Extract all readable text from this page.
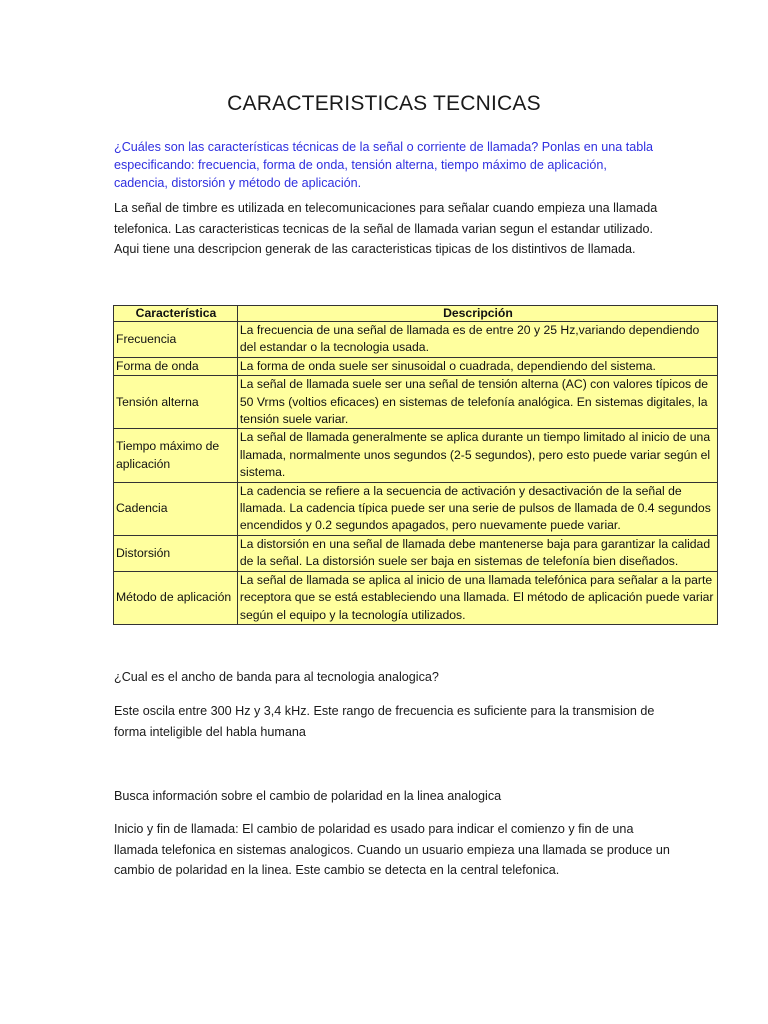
CARACTERISTICAS TECNICAS
¿Cuáles son las características técnicas de la señal o corriente de llamada? Ponlas en una tabla especificando: frecuencia, forma de onda, tensión alterna, tiempo máximo de aplicación, cadencia, distorsión y método de aplicación.
La señal de timbre es utilizada en telecomunicaciones para señalar cuando empieza una llamada telefonica. Las caracteristicas tecnicas de la señal de llamada varian segun el estandar utilizado. Aqui tiene una descripcion generak de las caracteristicas tipicas de los distintivos de llamada.
Característica	Descripción
Frecuencia	La frecuencia de una señal de llamada es de entre 20 y 25 Hz,variando dependiendo del estandar o la tecnologia usada.
Forma de onda	La forma de onda suele ser sinusoidal o cuadrada, dependiendo del sistema.
Tensión alterna	La señal de llamada suele ser una señal de tensión alterna (AC) con valores típicos de 50 Vrms (voltios eficaces) en sistemas de telefonía analógica. En sistemas digitales, la tensión suele variar.
Tiempo máximo de aplicación	La señal de llamada generalmente se aplica durante un tiempo limitado al inicio de una llamada, normalmente unos segundos (2-5 segundos), pero esto puede variar según el sistema.
Cadencia	La cadencia se refiere a la secuencia de activación y desactivación de la señal de llamada. La cadencia típica puede ser una serie de pulsos de llamada de 0.4 segundos encendidos y 0.2 segundos apagados, pero nuevamente puede variar.
Distorsión	La distorsión en una señal de llamada debe mantenerse baja para garantizar la calidad de la señal. La distorsión suele ser baja en sistemas de telefonía bien diseñados.
Método de aplicación	La señal de llamada se aplica al inicio de una llamada telefónica para señalar a la parte receptora que se está estableciendo una llamada. El método de aplicación puede variar según el equipo y la tecnología utilizados.
¿Cual es el ancho de banda para al tecnologia analogica?
Este oscila entre 300 Hz y 3,4 kHz. Este rango de frecuencia es suficiente para la transmision de forma inteligible del habla humana
Busca información sobre el cambio de polaridad en la linea analogica
Inicio y fin de llamada: El cambio de polaridad es usado para indicar el comienzo y fin de una llamada telefonica en sistemas analogicos. Cuando un usuario empieza una llamada se produce un cambio de polaridad en la linea. Este cambio se detecta en la central telefonica.
